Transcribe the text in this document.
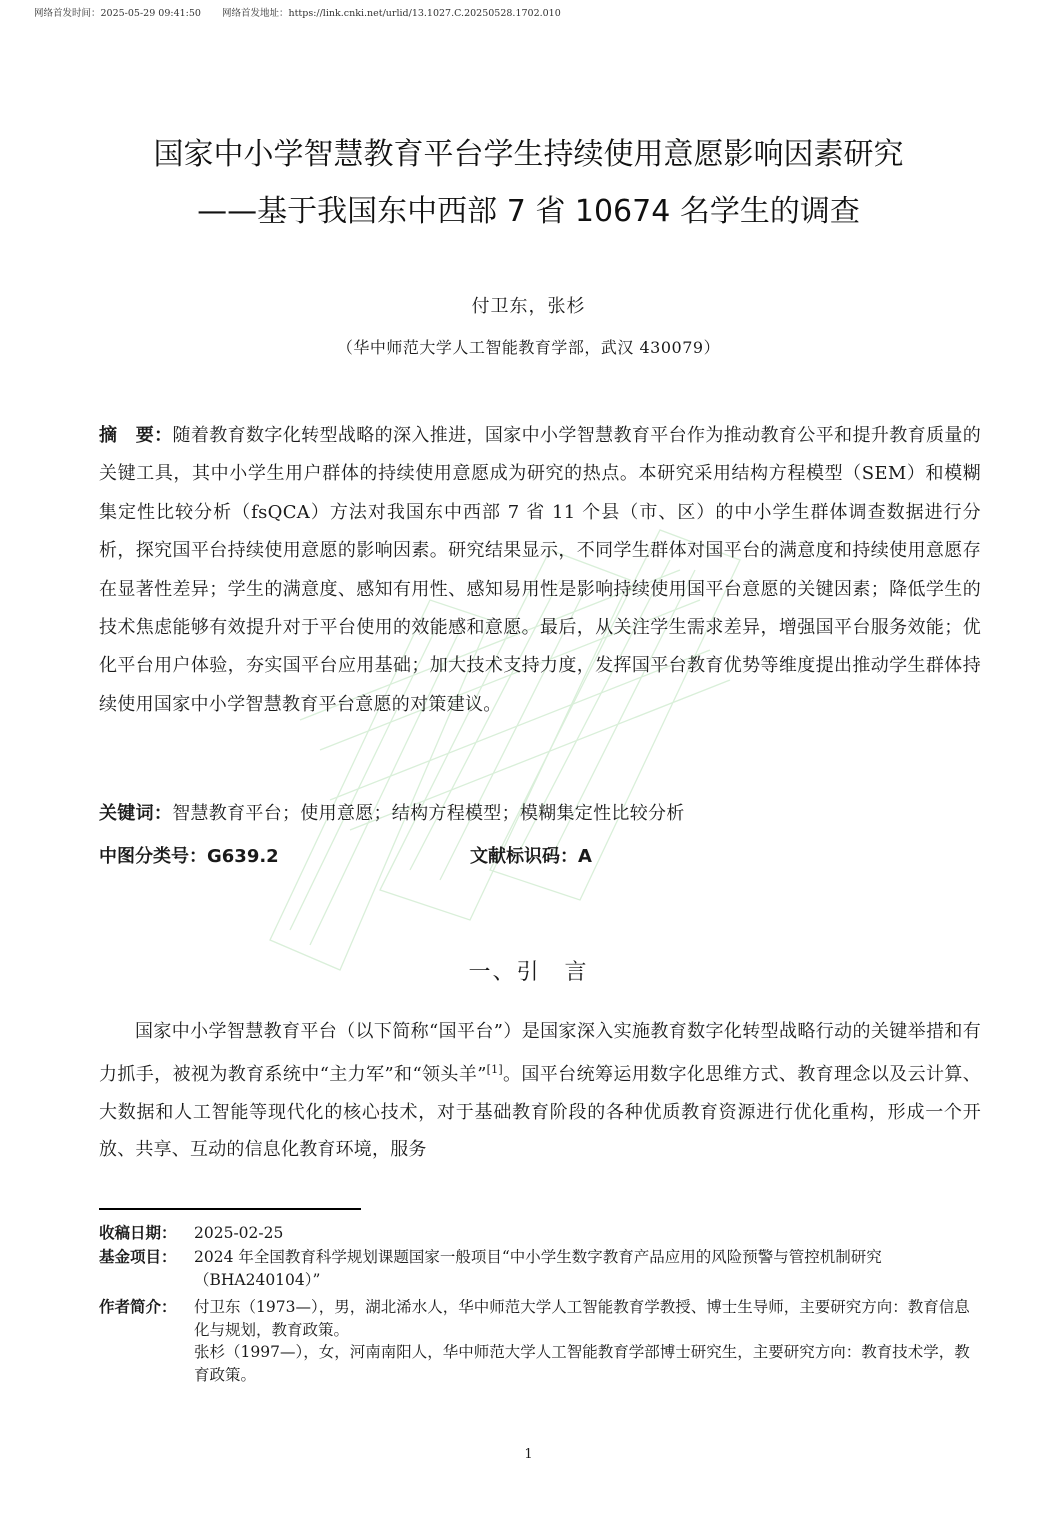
网络首发时间：2025-05-29 09:41:50 网络首发地址：https://link.cnki.net/urlid/13.1027.C.20250528.1702.010
国家中小学智慧教育平台学生持续使用意愿影响因素研究
——基于我国东中西部 7 省 10674 名学生的调查
付卫东，张杉
（华中师范大学人工智能教育学部，武汉 430079）
摘　要：随着教育数字化转型战略的深入推进，国家中小学智慧教育平台作为推动教育公平和提升教育质量的关键工具，其中小学生用户群体的持续使用意愿成为研究的热点。本研究采用结构方程模型（SEM）和模糊集定性比较分析（fsQCA）方法对我国东中西部 7 省 11 个县（市、区）的中小学生群体调查数据进行分析，探究国平台持续使用意愿的影响因素。研究结果显示，不同学生群体对国平台的满意度和持续使用意愿存在显著性差异；学生的满意度、感知有用性、感知易用性是影响持续使用国平台意愿的关键因素；降低学生的技术焦虑能够有效提升对于平台使用的效能感和意愿。最后，从关注学生需求差异，增强国平台服务效能；优化平台用户体验，夯实国平台应用基础；加大技术支持力度，发挥国平台教育优势等维度提出推动学生群体持续使用国家中小学智慧教育平台意愿的对策建议。
关键词：智慧教育平台；使用意愿；结构方程模型；模糊集定性比较分析
中图分类号：G639.2	文献标识码：A
一、引　言
国家中小学智慧教育平台（以下简称“国平台”）是国家深入实施教育数字化转型战略行动的关键举措和有力抓手，被视为教育系统中“主力军”和“领头羊”[1]。国平台统筹运用数字化思维方式、教育理念以及云计算、大数据和人工智能等现代化的核心技术，对于基础教育阶段的各种优质教育资源进行优化重构，形成一个开放、共享、互动的信息化教育环境，服务
收稿日期： 2025-02-25
基金项目： 2024 年全国教育科学规划课题国家一般项目“中小学生数字教育产品应用的风险预警与管控机制研究（BHA240104）”
作者简介： 付卫东（1973—），男，湖北浠水人，华中师范大学人工智能教育学教授、博士生导师，主要研究方向：教育信息化与规划，教育政策。
张杉（1997—），女，河南南阳人，华中师范大学人工智能教育学部博士研究生，主要研究方向：教育技术学，教育政策。
1
